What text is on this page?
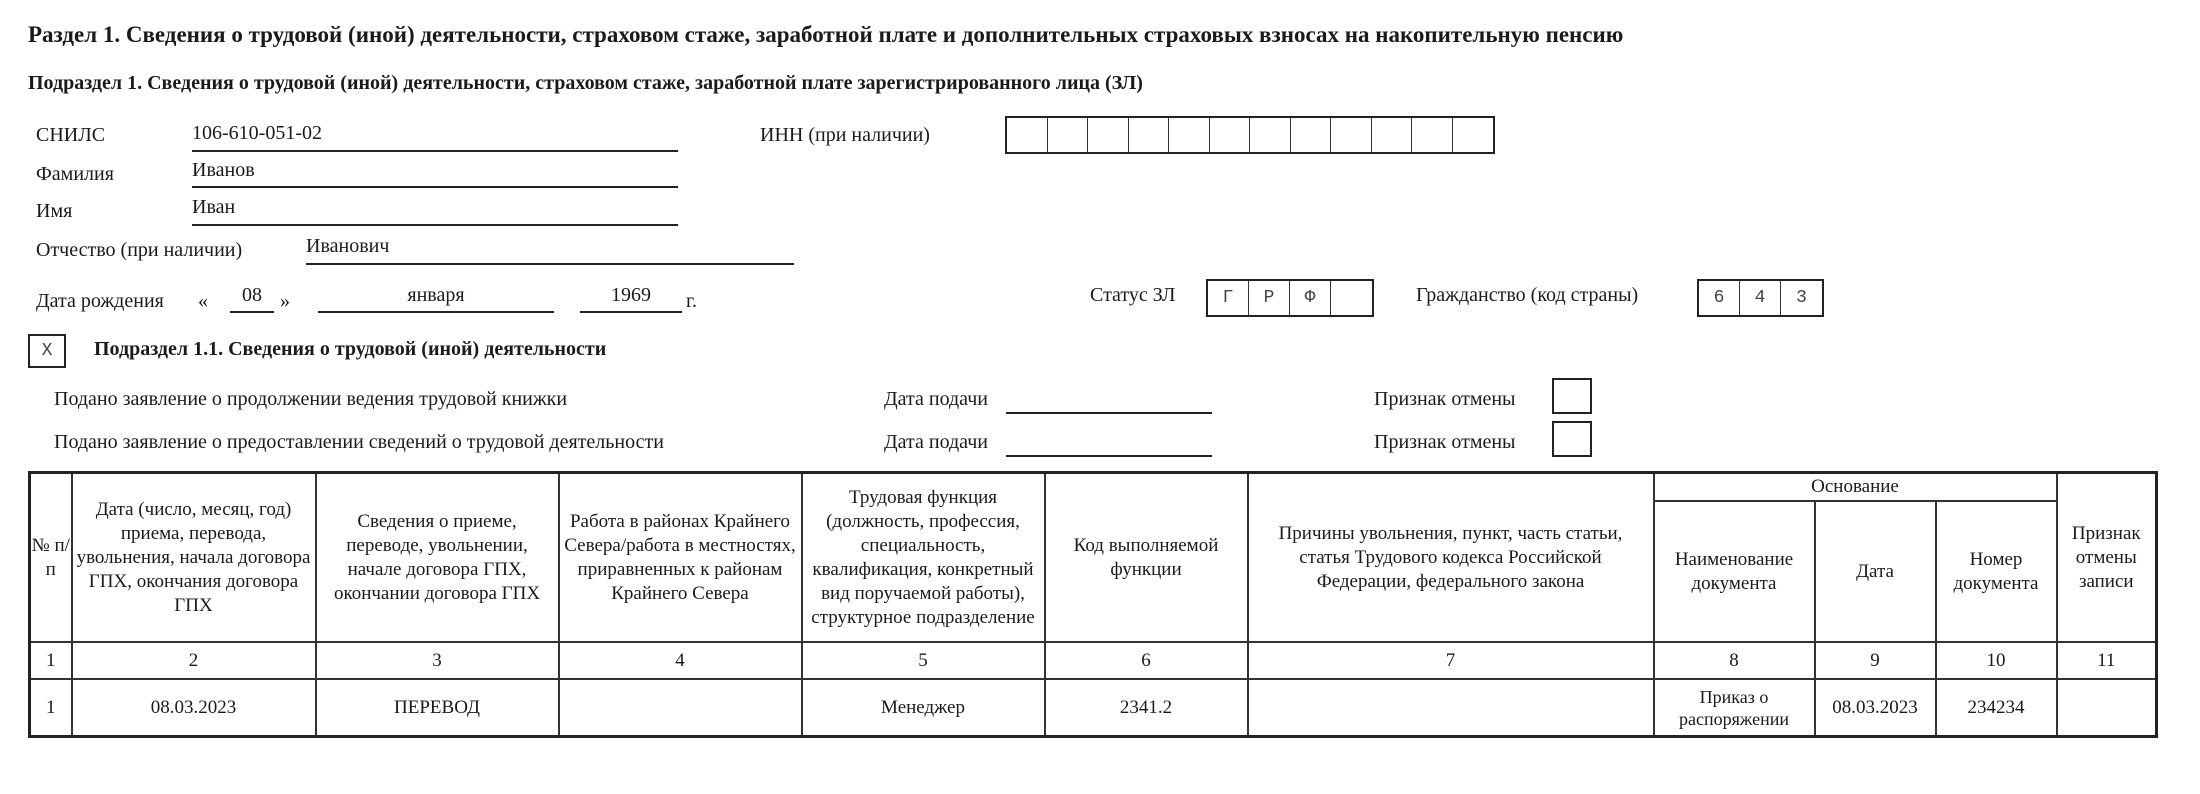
Раздел 1. Сведения о трудовой (иной) деятельности, страховом стаже, заработной плате и дополнительных страховых взносах на накопительную пенсию
Подраздел 1. Сведения о трудовой (иной) деятельности, страховом стаже, заработной плате зарегистрированного лица (ЗЛ)
СНИЛС	106-610-051-02	ИНН (при наличии)
Фамилия	Иванов
Имя	Иван
Отчество (при наличии)	Иванович
Дата рождения «	08 »	января	1969	г.	Статус ЗЛ	Г	Р	Ф	Гражданство (код страны)	6	4	3
Х	Подраздел 1.1. Сведения о трудовой (иной) деятельности
Подано заявление о продолжении ведения трудовой книжки	Дата подачи	Признак отмены
Подано заявление о предоставлении сведений о трудовой деятельности	Дата подачи	Признак отмены
№ п/п	Дата (число, месяц, год) приема, перевода, увольнения, начала договора ГПХ, окончания договора ГПХ	Сведения о приеме, переводе, увольнении, начале договора ГПХ, окончании договора ГПХ	Работа в районах Крайнего Севера/работа в местностях, приравненных к районам Крайнего Севера	Трудовая функция (должность, профессия, специальность, квалификация, конкретный вид поручаемой работы), структурное подразделение	Код выполняемой функции	Причины увольнения, пункт, часть статьи, статья Трудового кодекса Российской Федерации, федерального закона	Основание			Признак отмены записи
							Наименование документа	Дата	Номер документа	
1	2	3	4	5	6	7	8	9	10	11
1	08.03.2023	ПЕРЕВОД		Менеджер	2341.2		Приказ о распоряжении	08.03.2023	234234	
